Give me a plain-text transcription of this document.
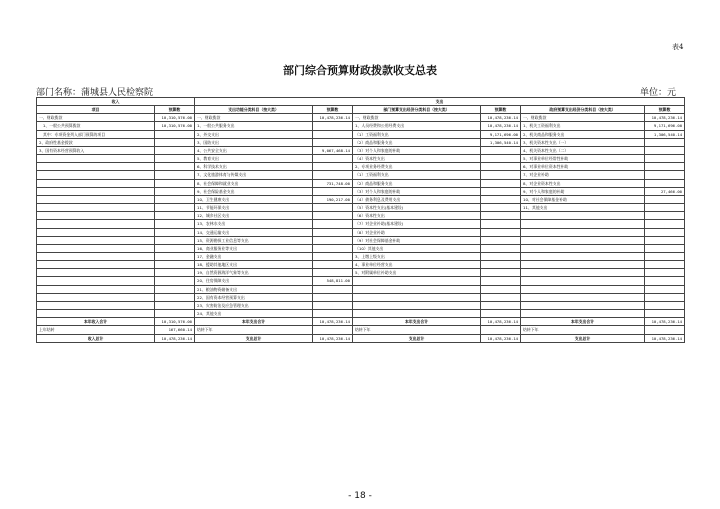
表4
部门综合预算财政拨款收支总表
部门名称：蒲城县人民检察院	单位：元
收入		支出					
项目	预算数	支出功能分类科目（按大类）	预算数	部门预算支出经济分类科目（按大类）	预算数	政府预算支出经济分类科目（按大类）	预算数
一、财政拨款	10,310,576.00	一、财政拨款	10,478,236.14	一、财政拨款	10,478,236.14	一、财政拨款	10,478,236.14
　1、一般公共预算拨款	10,310,576.00	1、一般公共服务支出		1、人员经费和公用经费支出	10,478,236.14	1、机关工资福利支出	9,171,696.00
　其中：专项资金列入部门预算的项目		2、外交支出		（1）工资福利支出	9,171,696.00	2、机关商品和服务支出	1,306,540.14
2、政府性基金拨款		3、国防支出		（2）商品和服务支出	1,306,540.14	3、机关资本性支出（一）	
3、国有资本经营预算收入		4、公共安全支出	9,067,468.14	（3）对个人和家庭的补助		4、机关资本性支出（二）	
		5、教育支出		（4）资本性支出		5、对事业单位经常性补助	
		6、科学技术支出		2、专项业务经费支出		6、对事业单位资本性补助	
		7、文化旅游体育与传媒支出		（1）工资福利支出		7、对企业补助	
		8、社会保障和就业支出	731,748.00	（2）商品和服务支出		8、对企业资本性支出	
		9、社会保险基金支出		（3）对个人和家庭的补助		9、对个人和家庭的补助	27,466.00
		10、卫生健康支出	190,217.00	（4）债务利息及费用支出		10、对社会保障基金补助	
		11、节能环保支出		（5）资本性支出(基本建设)		11、其他支出	
		12、城乡社区支出		（6）资本性支出			
		13、农林水支出		（7）对企业补助(基本建设)			
		14、交通运输支出		（8）对企业补助			
		15、资源勘探工业信息等支出		（9）对社会保障基金补助			
		16、商业服务业等支出		（10）其他支出			
		17、金融支出		3、上缴上级支出			
		18、援助其他地区支出		4、事业单位经营支出			
		19、自然资源海洋气象等支出		5、对附属单位补助支出			
		20、住房保障支出	548,811.00				
		21、粮油物资储备支出					
		22、国有资本经营预算支出					
		23、灾害防治及应急管理支出					
		24、其他支出					
本年收入合计	10,310,576.00	本年支出合计	10,478,236.14	本年支出合计	10,478,236.14	本年支出合计	10,478,236.14
上年结转	167,660.14	结转下年		结转下年		结转下年	
收入总计	10,478,236.14	支出总计	10,478,236.14	支出总计	10,478,236.14	支出总计	10,478,236.14
- 18 -
